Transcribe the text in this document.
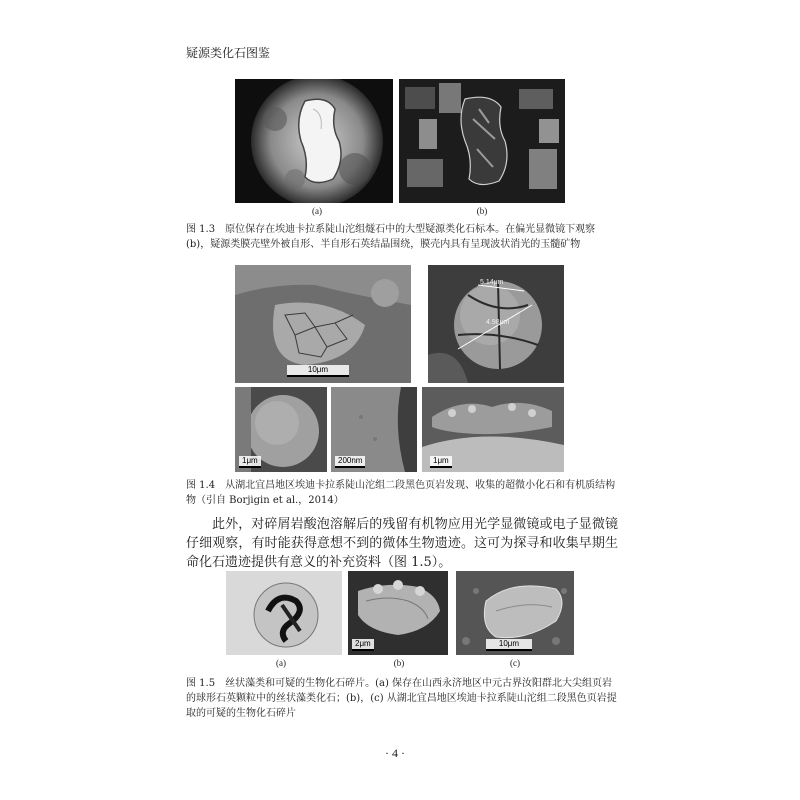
疑源类化石图鉴
(a)	(b)
图 1.3　原位保存在埃迪卡拉系陡山沱组燧石中的大型疑源类化石标本。在偏光显微镜下观察(b)，疑源类膜壳壁外被自形、半自形石英结晶围绕，膜壳内具有呈现波状消光的玉髓矿物
10μm
5.14μm
4.98μm
1μm	200nm	1μm
图 1.4　从湖北宜昌地区埃迪卡拉系陡山沱组二段黑色页岩发现、收集的超微小化石和有机质结构物（引自 Borjigin et al.，2014）
此外，对碎屑岩酸泡溶解后的残留有机物应用光学显微镜或电子显微镜仔细观察，有时能获得意想不到的微体生物遗迹。这可为探寻和收集早期生命化石遗迹提供有意义的补充资料（图 1.5）。
2μm	10μm
(a)	(b)	(c)
图 1.5　丝状藻类和可疑的生物化石碎片。(a) 保存在山西永济地区中元古界汝阳群北大尖组页岩的球形石英颗粒中的丝状藻类化石；(b)，(c) 从湖北宜昌地区埃迪卡拉系陡山沱组二段黑色页岩提取的可疑的生物化石碎片
· 4 ·
